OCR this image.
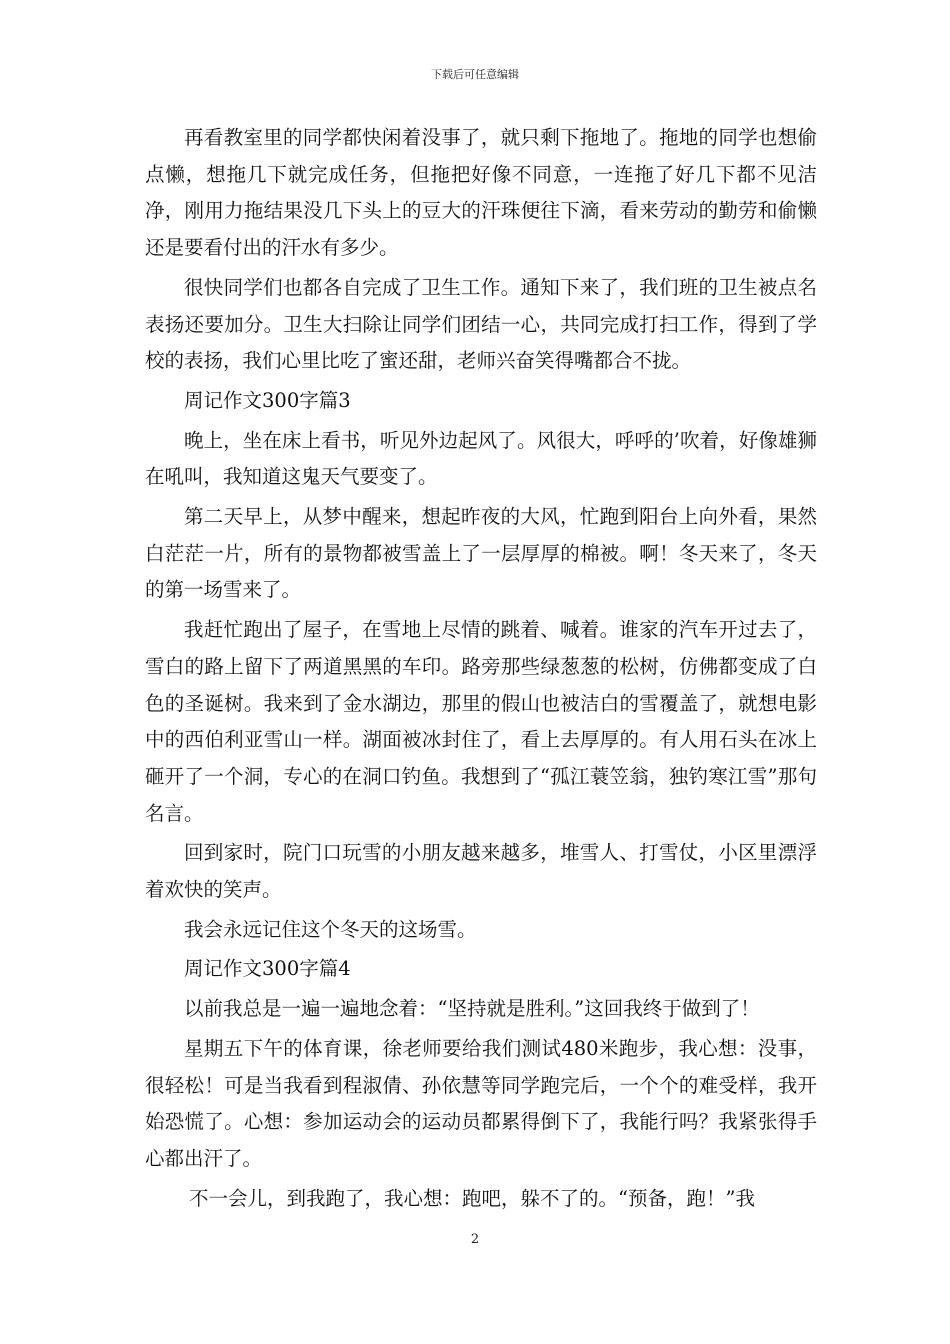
下载后可任意编辑

再看教室里的同学都快闲着没事了，就只剩下拖地了。拖地的同学也想偷点懒，想拖几下就完成任务，但拖把好像不同意，一连拖了好几下都不见洁净，刚用力拖结果没几下头上的豆大的汗珠便往下滴，看来劳动的勤劳和偷懒还是要看付出的汗水有多少。

很快同学们也都各自完成了卫生工作。通知下来了，我们班的卫生被点名表扬还要加分。卫生大扫除让同学们团结一心，共同完成打扫工作，得到了学校的表扬，我们心里比吃了蜜还甜，老师兴奋笑得嘴都合不拢。

周记作文300字篇3

晚上，坐在床上看书，听见外边起风了。风很大，呼呼的’吹着，好像雄狮在吼叫，我知道这鬼天气要变了。

第二天早上，从梦中醒来，想起昨夜的大风，忙跑到阳台上向外看，果然白茫茫一片，所有的景物都被雪盖上了一层厚厚的棉被。啊！冬天来了，冬天的第一场雪来了。

我赶忙跑出了屋子，在雪地上尽情的跳着、喊着。谁家的汽车开过去了，雪白的路上留下了两道黑黑的车印。路旁那些绿葱葱的松树，仿佛都变成了白色的圣诞树。我来到了金水湖边，那里的假山也被洁白的雪覆盖了，就想电影中的西伯利亚雪山一样。湖面被冰封住了，看上去厚厚的。有人用石头在冰上砸开了一个洞，专心的在洞口钓鱼。我想到了“孤江蓑笠翁，独钓寒江雪”那句名言。

回到家时，院门口玩雪的小朋友越来越多，堆雪人、打雪仗，小区里漂浮着欢快的笑声。

我会永远记住这个冬天的这场雪。

周记作文300字篇4

以前我总是一遍一遍地念着：“坚持就是胜利。”这回我终于做到了！

星期五下午的体育课，徐老师要给我们测试480米跑步，我心想：没事，很轻松！可是当我看到程淑倩、孙依慧等同学跑完后，一个个的难受样，我开始恐慌了。心想：参加运动会的运动员都累得倒下了，我能行吗？我紧张得手心都出汗了。

不一会儿，到我跑了，我心想：跑吧，躲不了的。“预备，跑！”我

2
